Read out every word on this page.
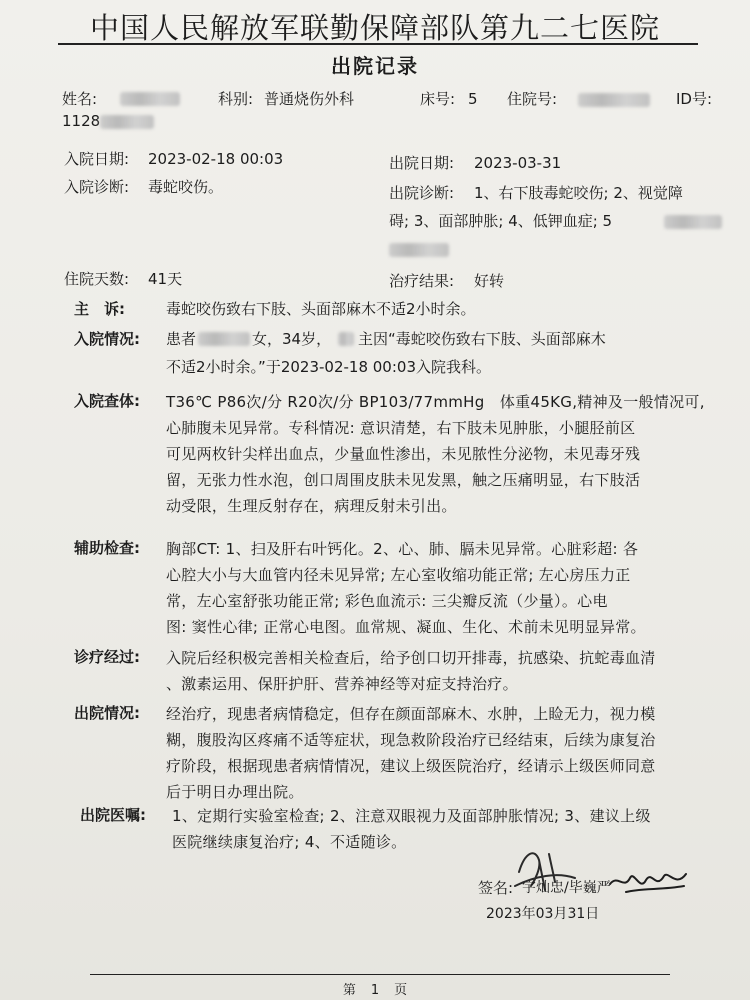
中国人民解放军联勤保障部队第九二七医院
出院记录
姓名:	科别: 普通烧伤外科	床号: 5 住院号:	ID号:
1128
入院日期: 2023-02-18 00:03	出院日期: 2023-03-31
入院诊断: 毒蛇咬伤。	出院诊断: 1、右下肢毒蛇咬伤; 2、视觉障
碍; 3、面部肿胀; 4、低钾血症; 5
住院天数: 41天	治疗结果: 好转
主　诉:	毒蛇咬伤致右下肢、头面部麻木不适2小时余。
入院情况: 患者	女，34岁， 主因“毒蛇咬伤致右下肢、头面部麻木
不适2小时余。”于2023-02-18 00:03入院我科。
入院查体: T36℃ P86次/分 R20次/分 BP103/77mmHg　体重45KG,精神及一般情况可,
心肺腹未见异常。专科情况: 意识清楚，右下肢未见肿胀，小腿胫前区
可见两枚针尖样出血点，少量血性渗出，未见脓性分泌物，未见毒牙残
留，无张力性水泡，创口周围皮肤未见发黑，触之压痛明显，右下肢活
动受限，生理反射存在，病理反射未引出。
辅助检查: 胸部CT: 1、扫及肝右叶钙化。2、心、肺、膈未见异常。心脏彩超: 各
心腔大小与大血管内径未见异常; 左心室收缩功能正常; 左心房压力正
常，左心室舒张功能正常; 彩色血流示: 三尖瓣反流（少量）。心电
图: 窦性心律; 正常心电图。血常规、凝血、生化、术前未见明显异常。
诊疗经过: 入院后经积极完善相关检查后，给予创口切开排毒，抗感染、抗蛇毒血清
、激素运用、保肝护肝、营养神经等对症支持治疗。
出院情况: 经治疗，现患者病情稳定，但存在颜面部麻木、水肿，上睑无力，视力模
糊，腹股沟区疼痛不适等症状，现急救阶段治疗已经结束，后续为康复治
疗阶段，根据现患者病情情况，建议上级医院治疗，经请示上级医师同意
后于明日办理出院。
出院医嘱: 1、定期行实验室检查; 2、注意双眼视力及面部肿胀情况; 3、建议上级
医院继续康复治疗; 4、不适随诊。
签名: 宇灿忠/毕巍严
2023年03月31日
第 1 页
